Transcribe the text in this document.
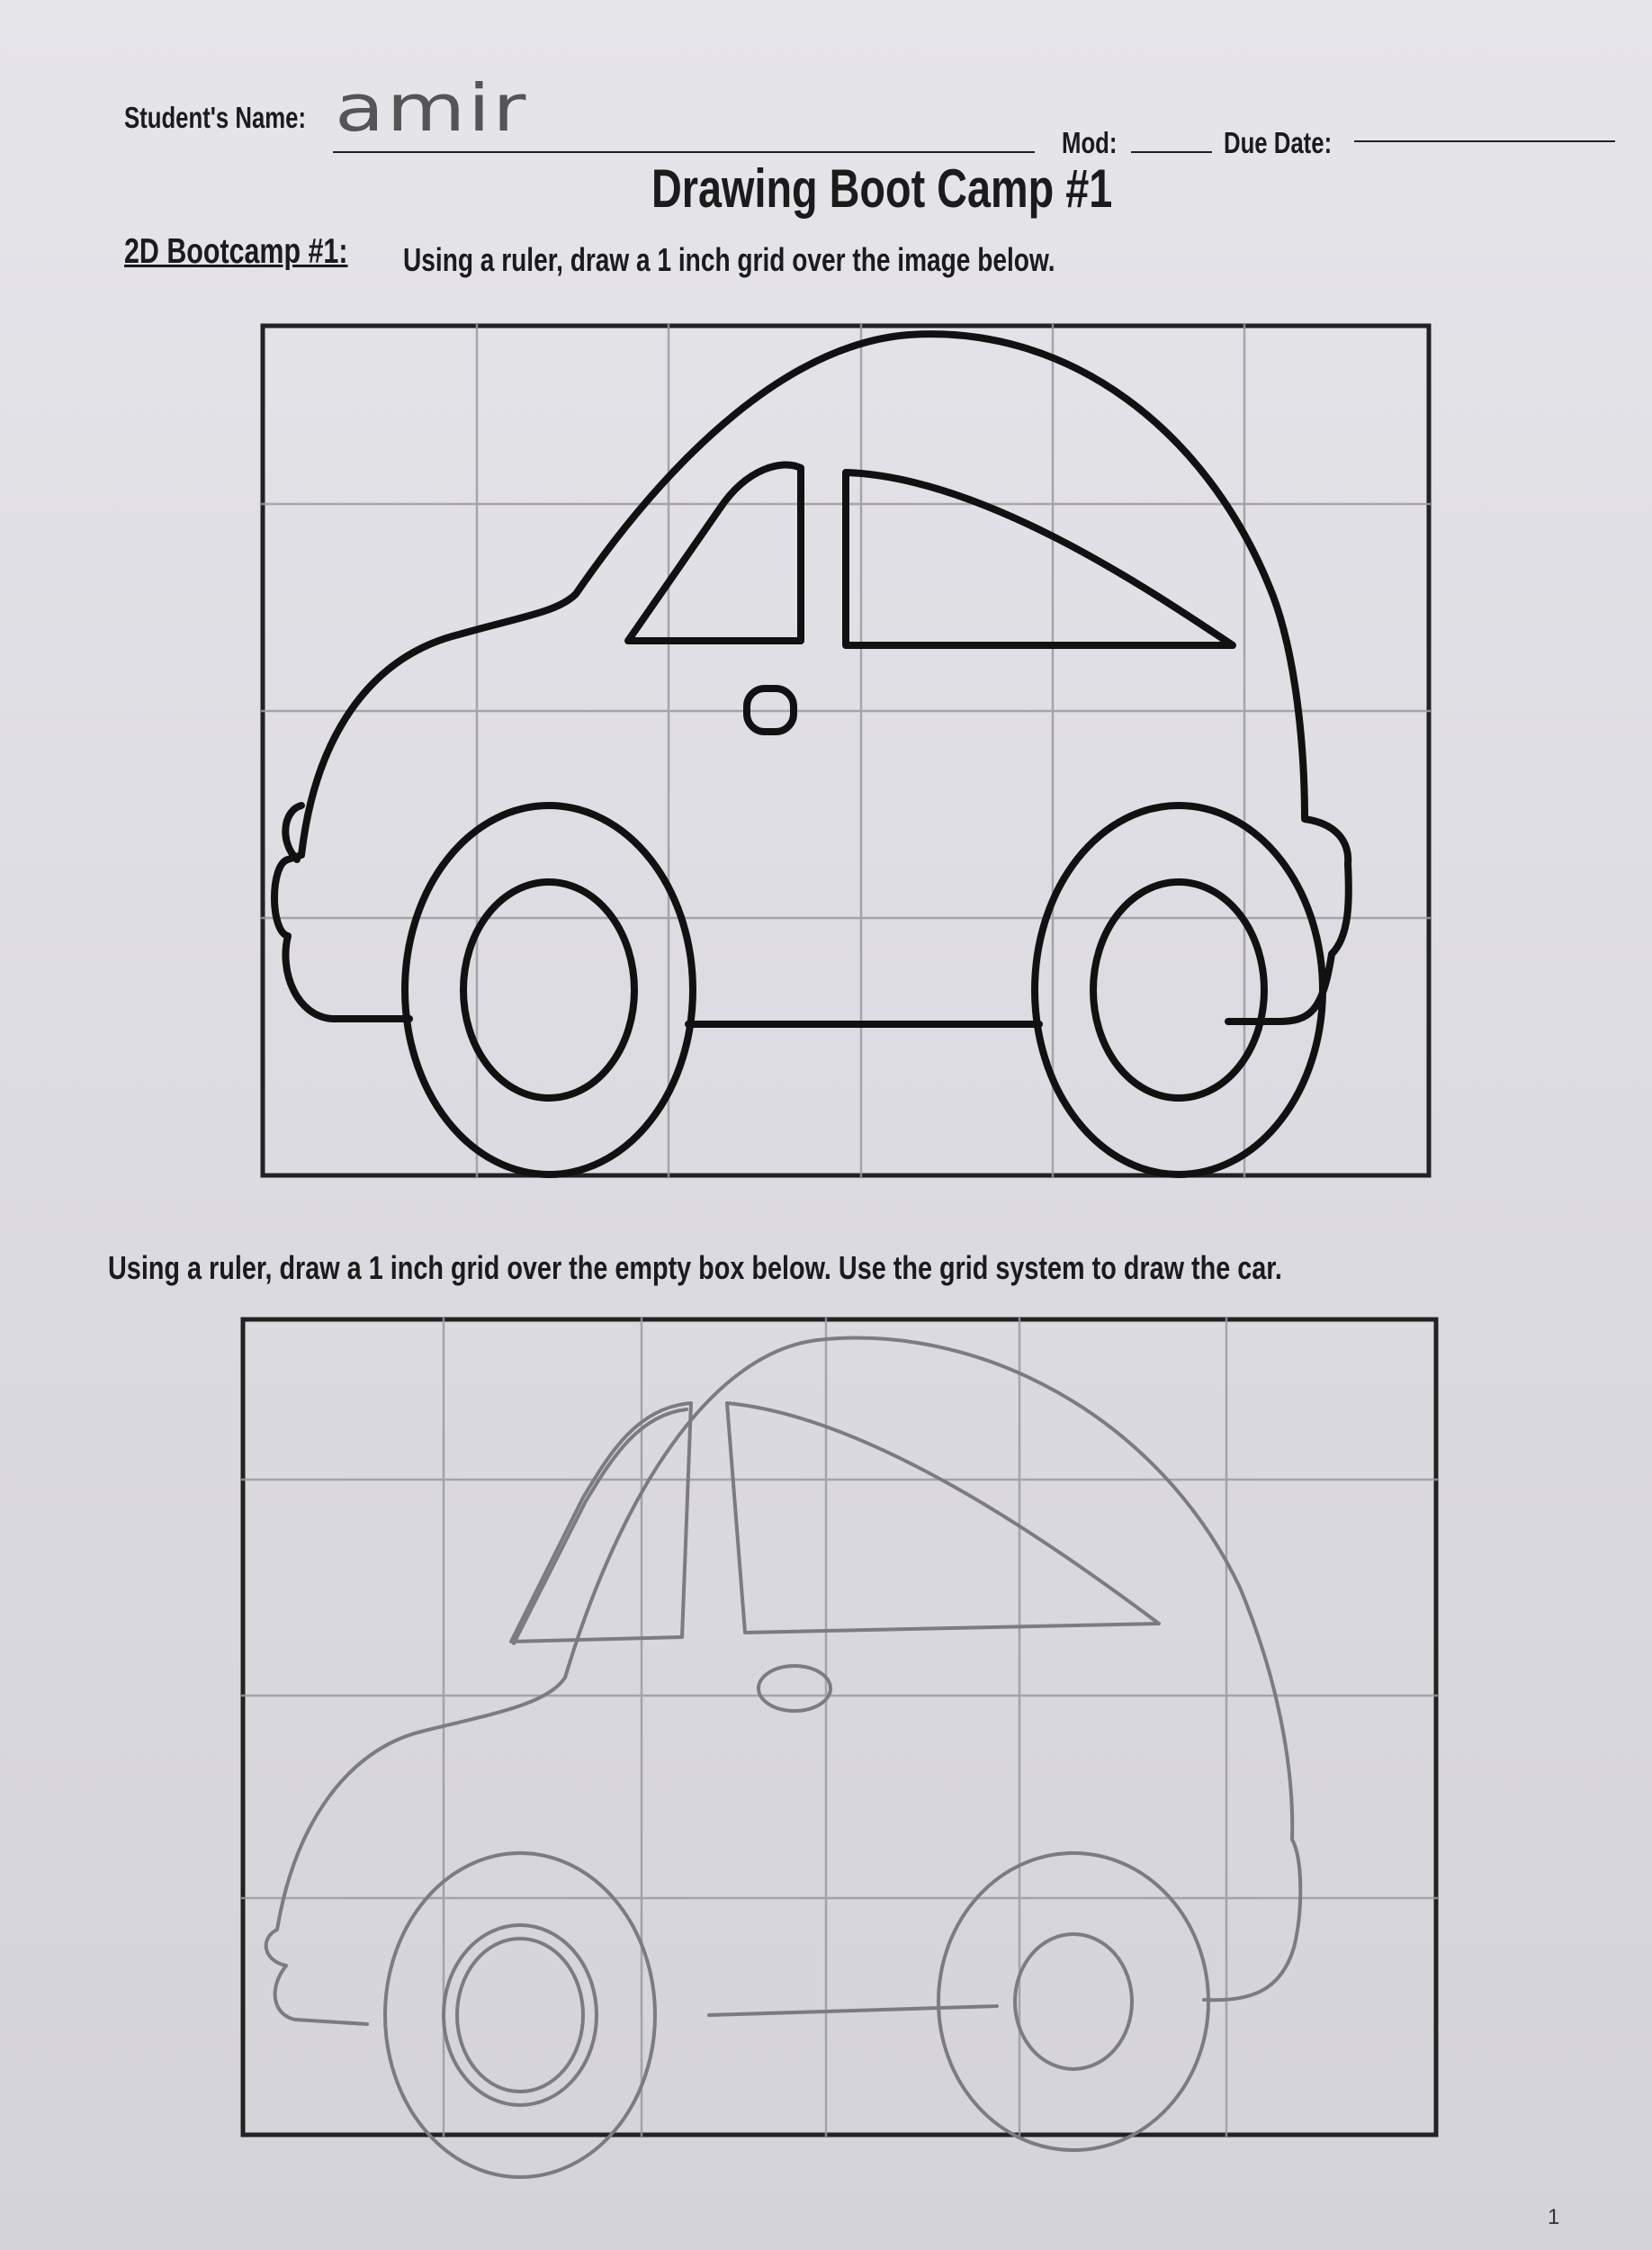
Student's Name: amir	Mod:	Due Date:
Drawing Boot Camp #1
2D Bootcamp #1: Using a ruler, draw a 1 inch grid over the image below.
Using a ruler, draw a 1 inch grid over the empty box below. Use the grid system to draw the car.
1
